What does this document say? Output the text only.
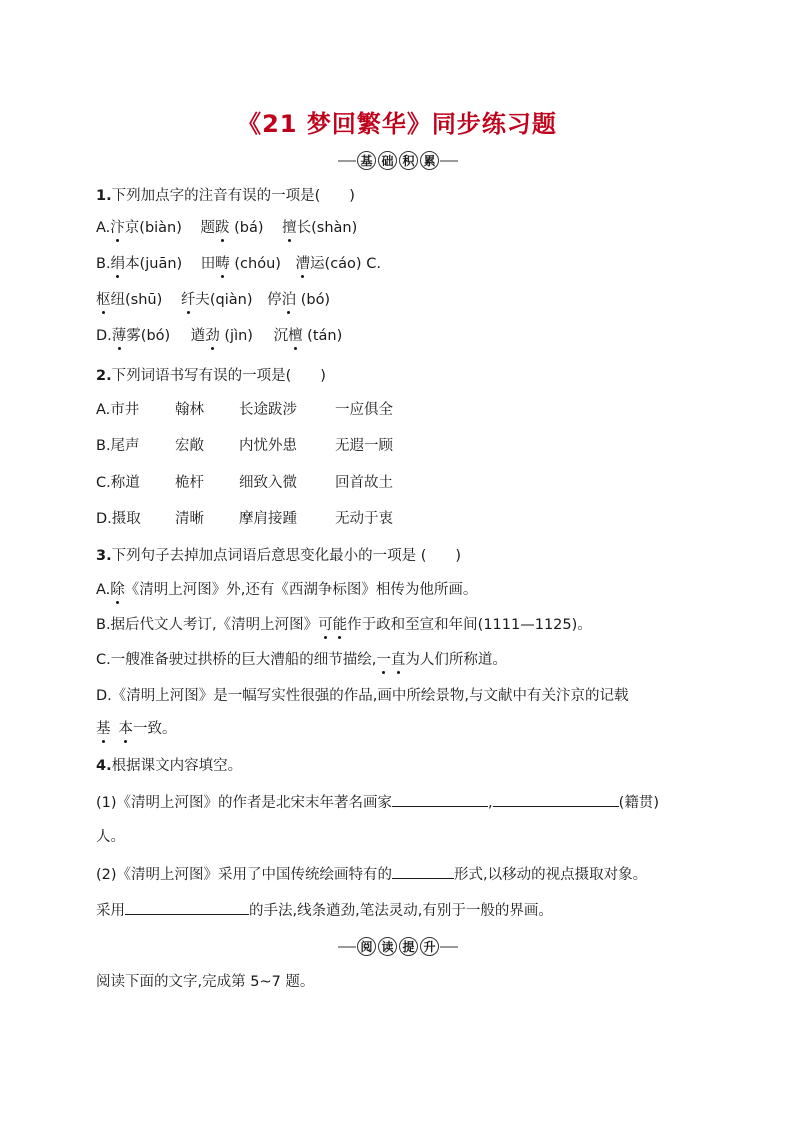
《21 梦回繁华》同步练习题
基 础 积 累
1.下列加点字的注音有误的一项是(　　)
A.汴京(biàn) 题跋 (bá) 擅长(shàn)
B.绢本(juān) 田畴 (chóu) 漕运(cáo) C.
枢纽(shū) 纤夫(qiàn) 停泊 (bó)
D.薄雾(bó) 遒劲 (jìn) 沉檀 (tán)
2.下列词语书写有误的一项是(　　)
A.市井 翰林 长途跋涉	一应俱全
B.尾声 宏敞 内忧外患	无遐一顾
C.称道 桅杆 细致入微	回首故土
D.摄取 清晰 摩肩接踵	无动于衷
3.下列句子去掉加点词语后意思变化最小的一项是 (　　)
A.除《清明上河图》外,还有《西湖争标图》相传为他所画。
B.据后代文人考订,《清明上河图》可能作于政和至宣和年间(1111—1125)。
C.一艘准备驶过拱桥的巨大漕船的细节描绘,一直为人们所称道。
D.《清明上河图》是一幅写实性很强的作品,画中所绘景物,与文献中有关汴京的记载
基 本一致。
4.根据课文内容填空。
(1)《清明上河图》的作者是北宋末年著名画家	,	(籍贯)
人。
(2)《清明上河图》采用了中国传统绘画特有的	形式,以移动的视点摄取对象。
采用	的手法,线条遒劲,笔法灵动,有别于一般的界画。
阅 读 提 升
阅读下面的文字,完成第 5~7 题。
